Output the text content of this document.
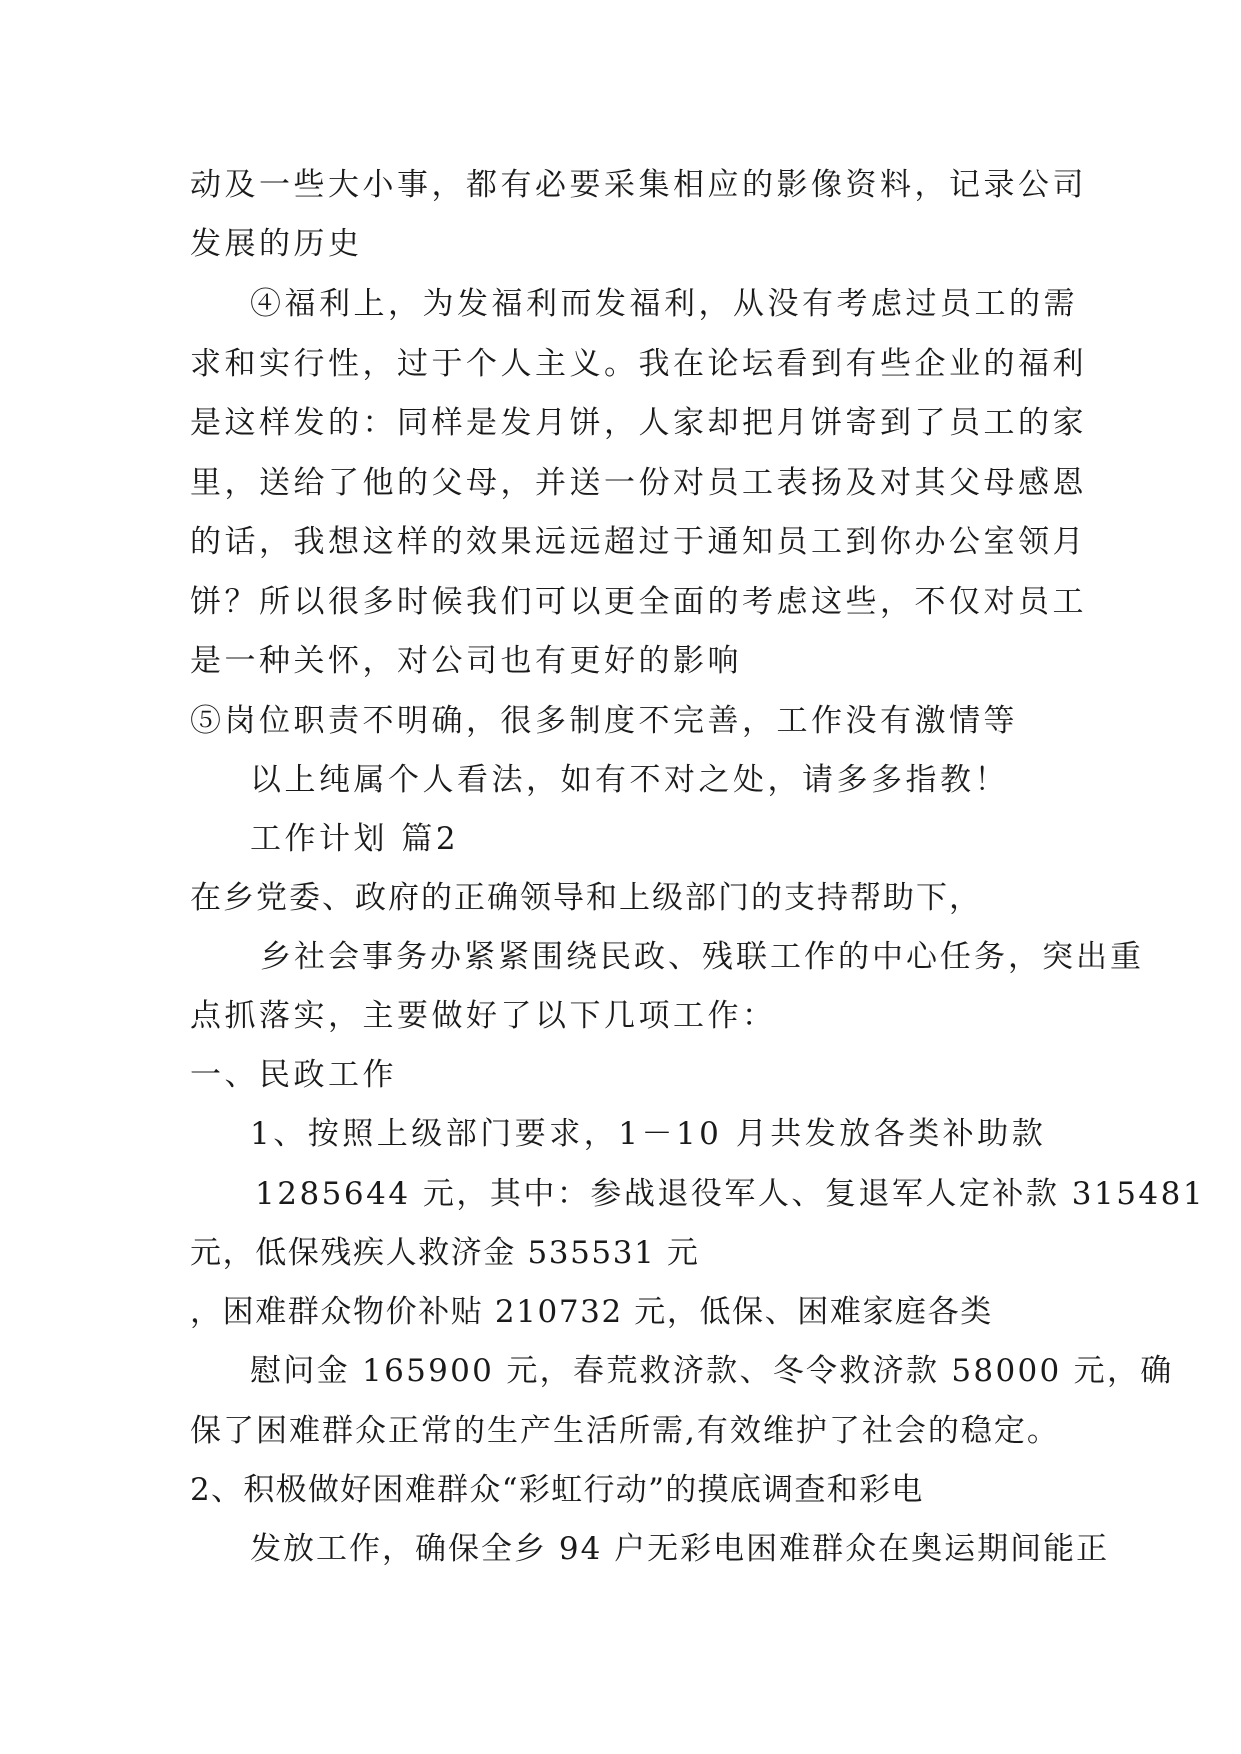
动及一些大小事，都有必要采集相应的影像资料，记录公司
发展的历史
④福利上，为发福利而发福利，从没有考虑过员工的需
求和实行性，过于个人主义。我在论坛看到有些企业的福利
是这样发的：同样是发月饼，人家却把月饼寄到了员工的家
里，送给了他的父母，并送一份对员工表扬及对其父母感恩
的话，我想这样的效果远远超过于通知员工到你办公室领月
饼？所以很多时候我们可以更全面的考虑这些，不仅对员工
是一种关怀，对公司也有更好的影响
⑤岗位职责不明确，很多制度不完善，工作没有激情等
以上纯属个人看法，如有不对之处，请多多指教！
工作计划 篇2
在乡党委、政府的正确领导和上级部门的支持帮助下，
乡社会事务办紧紧围绕民政、残联工作的中心任务，突出重
点抓落实，主要做好了以下几项工作：
一、民政工作
1、按照上级部门要求，1－10 月共发放各类补助款
1285644 元，其中：参战退役军人、复退军人定补款 315481
元，低保残疾人救济金 535531 元
，困难群众物价补贴 210732 元，低保、困难家庭各类
慰问金 165900 元，春荒救济款、冬令救济款 58000 元，确
保了困难群众正常的生产生活所需,有效维护了社会的稳定。
2、积极做好困难群众“彩虹行动”的摸底调查和彩电
发放工作，确保全乡 94 户无彩电困难群众在奥运期间能正
